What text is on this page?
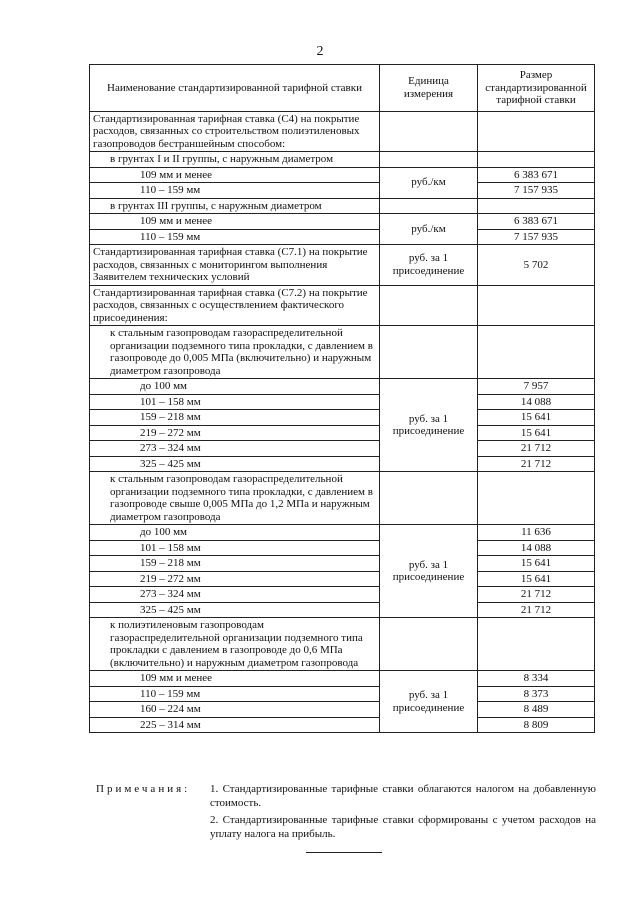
2
Наименование стандартизированной тарифной ставки	Единица измерения	Размер стандартизированной тарифной ставки
Стандартизированная тарифная ставка (С4) на покрытие расходов, связанных со строительством полиэтиленовых газопроводов бестраншейным способом:		
в грунтах I и II группы, с наружным диаметром		
109 мм и менее	руб./км	6 383 671
110 – 159 мм		7 157 935
в грунтах III группы, с наружным диаметром		
109 мм и менее	руб./км	6 383 671
110 – 159 мм		7 157 935
Стандартизированная тарифная ставка (С7.1) на покрытие расходов, связанных с мониторингом выполнения Заявителем технических условий	руб. за 1 присоединение	5 702
Стандартизированная тарифная ставка (С7.2) на покрытие расходов, связанных с осуществлением фактического присоединения:		
к стальным газопроводам газораспределительной организации подземного типа прокладки, с давлением в газопроводе до 0,005 МПа (включительно) и наружным диаметром газопровода		
до 100 мм	руб. за 1 присоединение	7 957
101 – 158 мм		14 088
159 – 218 мм		15 641
219 – 272 мм		15 641
273 – 324 мм		21 712
325 – 425 мм		21 712
к стальным газопроводам газораспределительной организации подземного типа прокладки, с давлением в газопроводе свыше 0,005 МПа до 1,2 МПа и наружным диаметром газопровода		
до 100 мм	руб. за 1 присоединение	11 636
101 – 158 мм		14 088
159 – 218 мм		15 641
219 – 272 мм		15 641
273 – 324 мм		21 712
325 – 425 мм		21 712
к полиэтиленовым газопроводам газораспределительной организации подземного типа прокладки с давлением в газопроводе до 0,6 МПа (включительно) и наружным диаметром газопровода		
109 мм и менее	руб. за 1 присоединение	8 334
110 – 159 мм		8 373
160 – 224 мм		8 489
225 – 314 мм		8 809
Примечания: 1. Стандартизированные тарифные ставки облагаются налогом на добавленную стоимость.

2. Стандартизированные тарифные ставки сформированы с учетом расходов на уплату налога на прибыль.
